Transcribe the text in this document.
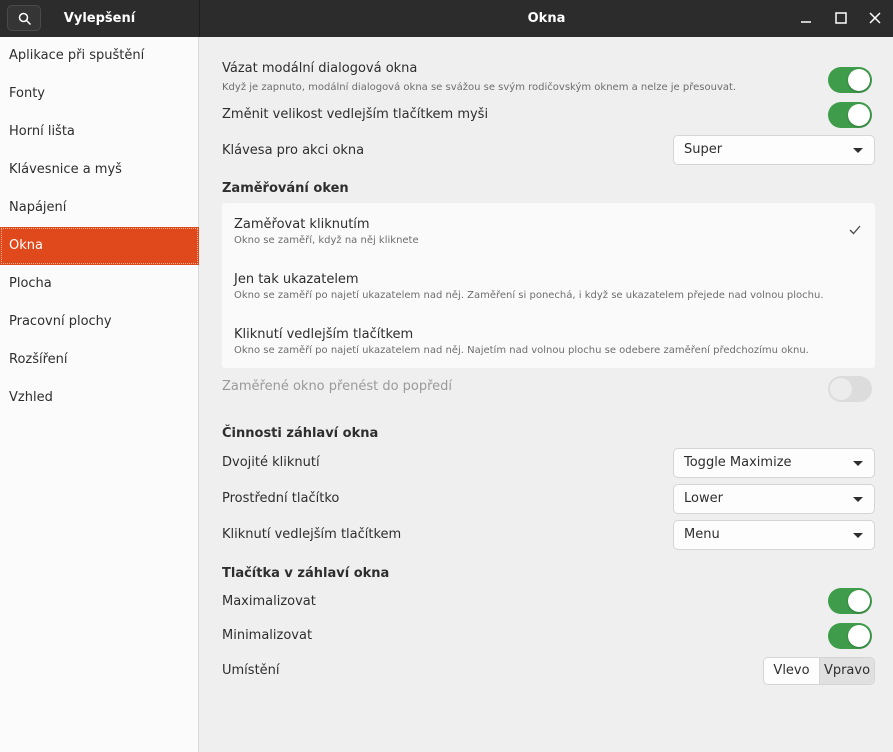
Vylepšení	Okna
Aplikace při spuštění
Fonty
Horní lišta
Klávesnice a myš
Napájení
Okna
Plocha
Pracovní plochy
Rozšíření
Vzhled
Vázat modální dialogová okna
Když je zapnuto, modální dialogová okna se svážou se svým rodičovským oknem a nelze je přesouvat.
Změnit velikost vedlejším tlačítkem myši
Klávesa pro akci okna	Super
Zaměřování oken
Zaměřovat kliknutím
Okno se zaměří, když na něj kliknete
Jen tak ukazatelem
Okno se zaměří po najetí ukazatelem nad něj. Zaměření si ponechá, i když se ukazatelem přejede nad volnou plochu.
Kliknutí vedlejším tlačítkem
Okno se zaměří po najetí ukazatelem nad něj. Najetím nad volnou plochu se odebere zaměření předchozímu oknu.
Zaměřené okno přenést do popředí
Činnosti záhlaví okna
Dvojité kliknutí	Toggle Maximize
Prostřední tlačítko	Lower
Kliknutí vedlejším tlačítkem	Menu
Tlačítka v záhlaví okna
Maximalizovat
Minimalizovat
Umístění	Vlevo	Vpravo
